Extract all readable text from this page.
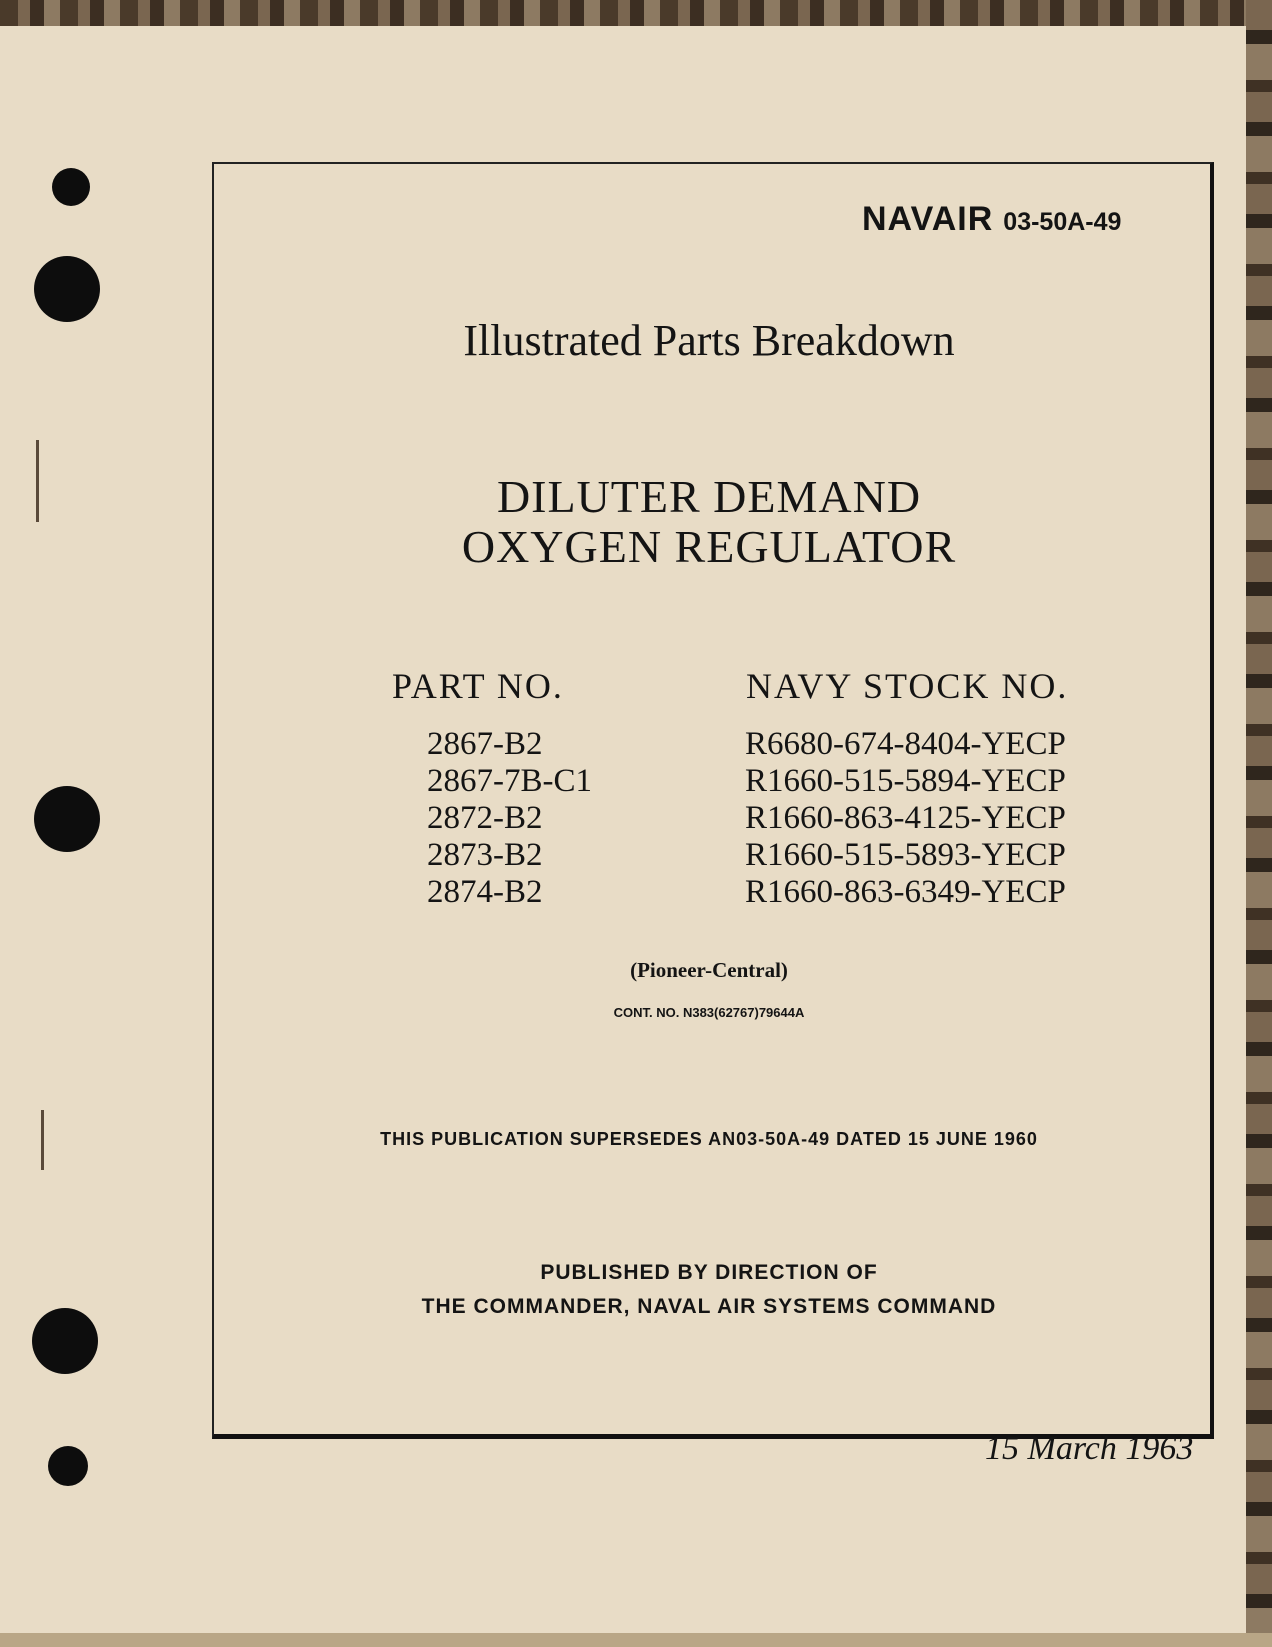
NAVAIR 03-50A-49
Illustrated Parts Breakdown
DILUTER DEMAND
OXYGEN REGULATOR
PART NO.	NAVY STOCK NO.
2867-B2	R6680-674-8404-YECP
2867-7B-C1	R1660-515-5894-YECP
2872-B2	R1660-863-4125-YECP
2873-B2	R1660-515-5893-YECP
2874-B2	R1660-863-6349-YECP
(Pioneer-Central)
CONT. NO. N383(62767)79644A
THIS PUBLICATION SUPERSEDES AN03-50A-49 DATED 15 JUNE 1960
PUBLISHED BY DIRECTION OF
THE COMMANDER, NAVAL AIR SYSTEMS COMMAND
15 March 1963
